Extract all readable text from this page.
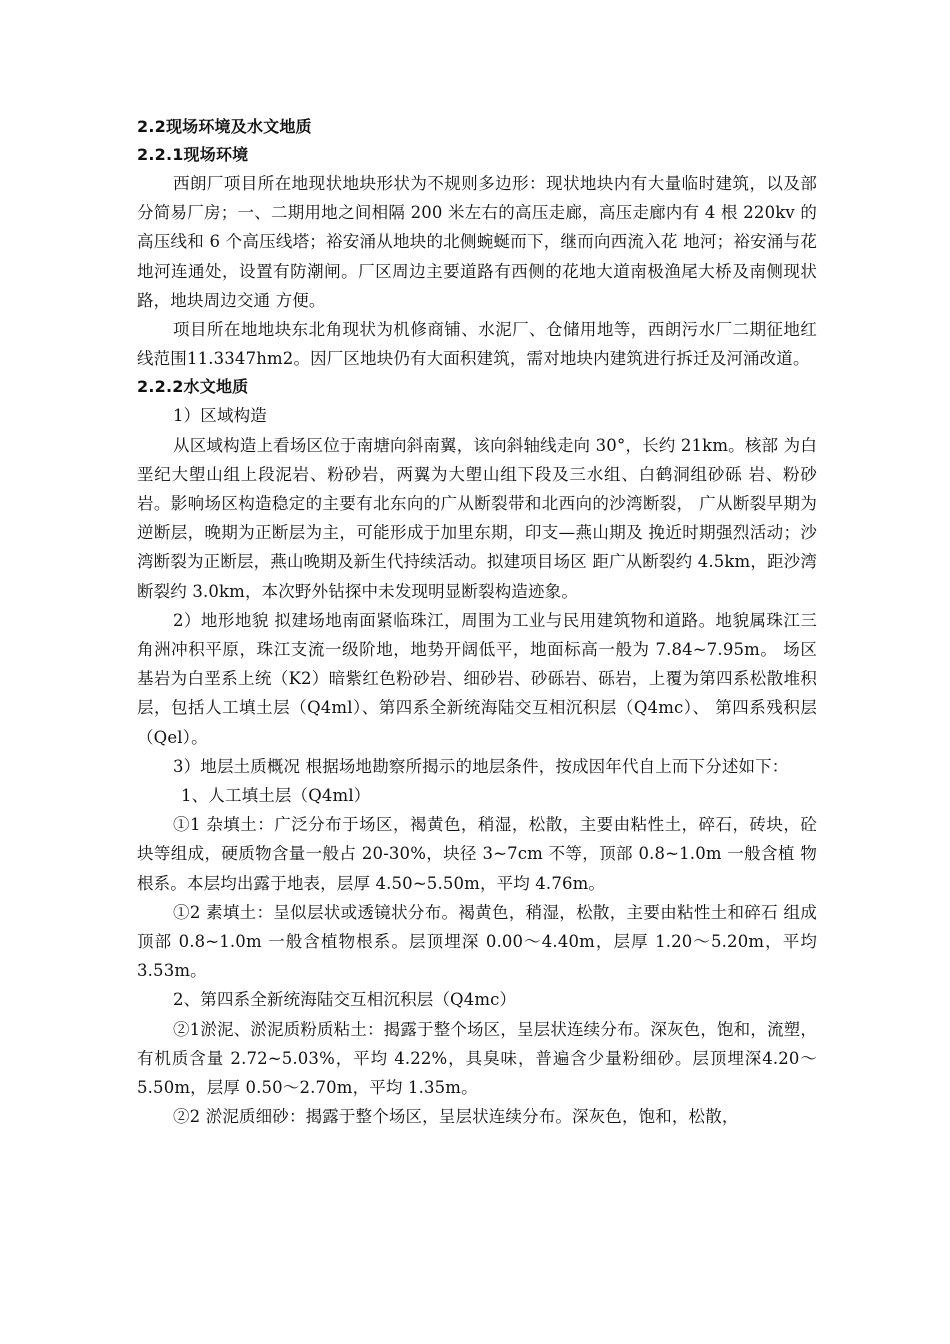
2.2现场环境及水文地质
2.2.1现场环境

西朗厂项目所在地现状地块形状为不规则多边形：现状地块内有大量临时建筑，以及部分简易厂房；一、二期用地之间相隔 200 米左右的高压走廊，高压走廊内有 4 根 220kv 的高压线和 6 个高压线塔；裕安涌从地块的北侧蜿蜒而下，继而向西流入花 地河；裕安涌与花地河连通处，设置有防潮闸。厂区周边主要道路有西侧的花地大道南极渔尾大桥及南侧现状路，地块周边交通 方便。

项目所在地地块东北角现状为机修商铺、水泥厂、仓储用地等，西朗污水厂二期征地红线范围11.3347hm2。因厂区地块仍有大面积建筑，需对地块内建筑进行拆迁及河涌改道。

2.2.2水文地质

1）区域构造

从区域构造上看场区位于南塘向斜南翼，该向斜轴线走向 30°，长约 21km。核部 为白垩纪大塱山组上段泥岩、粉砂岩，两翼为大塱山组下段及三水组、白鹤洞组砂砾 岩、粉砂岩。影响场区构造稳定的主要有北东向的广从断裂带和北西向的沙湾断裂， 广从断裂早期为逆断层，晚期为正断层为主，可能形成于加里东期，印支—燕山期及 挽近时期强烈活动；沙湾断裂为正断层，燕山晚期及新生代持续活动。拟建项目场区 距广从断裂约 4.5km，距沙湾断裂约 3.0km，本次野外钻探中未发现明显断裂构造迹象。

2）地形地貌 拟建场地南面紧临珠江，周围为工业与民用建筑物和道路。地貌属珠江三角洲冲积平原，珠江支流一级阶地，地势开阔低平，地面标高一般为 7.84~7.95m。 场区基岩为白垩系上统（K2）暗紫红色粉砂岩、细砂岩、砂砾岩、砾岩，上覆为第四系松散堆积层，包括人工填土层（Q4ml）、第四系全新统海陆交互相沉积层（Q4mc）、 第四系残积层（Qel）。

3）地层土质概况 根据场地勘察所揭示的地层条件，按成因年代自上而下分述如下：

1、人工填土层（Q4ml）

①1 杂填土：广泛分布于场区，褐黄色，稍湿，松散，主要由粘性土，碎石，砖块，砼块等组成，硬质物含量一般占 20-30%，块径 3~7cm 不等，顶部 0.8~1.0m 一般含植 物根系。本层均出露于地表，层厚 4.50~5.50m，平均 4.76m。

①2 素填土：呈似层状或透镜状分布。褐黄色，稍湿，松散，主要由粘性土和碎石 组成顶部 0.8~1.0m 一般含植物根系。层顶埋深 0.00～4.40m，层厚 1.20～5.20m，平均 3.53m。

2、第四系全新统海陆交互相沉积层（Q4mc）

②1淤泥、淤泥质粉质粘土：揭露于整个场区，呈层状连续分布。深灰色，饱和，流塑，有机质含量 2.72~5.03%，平均 4.22%，具臭味，普遍含少量粉细砂。层顶埋深4.20～5.50m，层厚 0.50～2.70m，平均 1.35m。

②2 淤泥质细砂：揭露于整个场区，呈层状连续分布。深灰色，饱和，松散，
